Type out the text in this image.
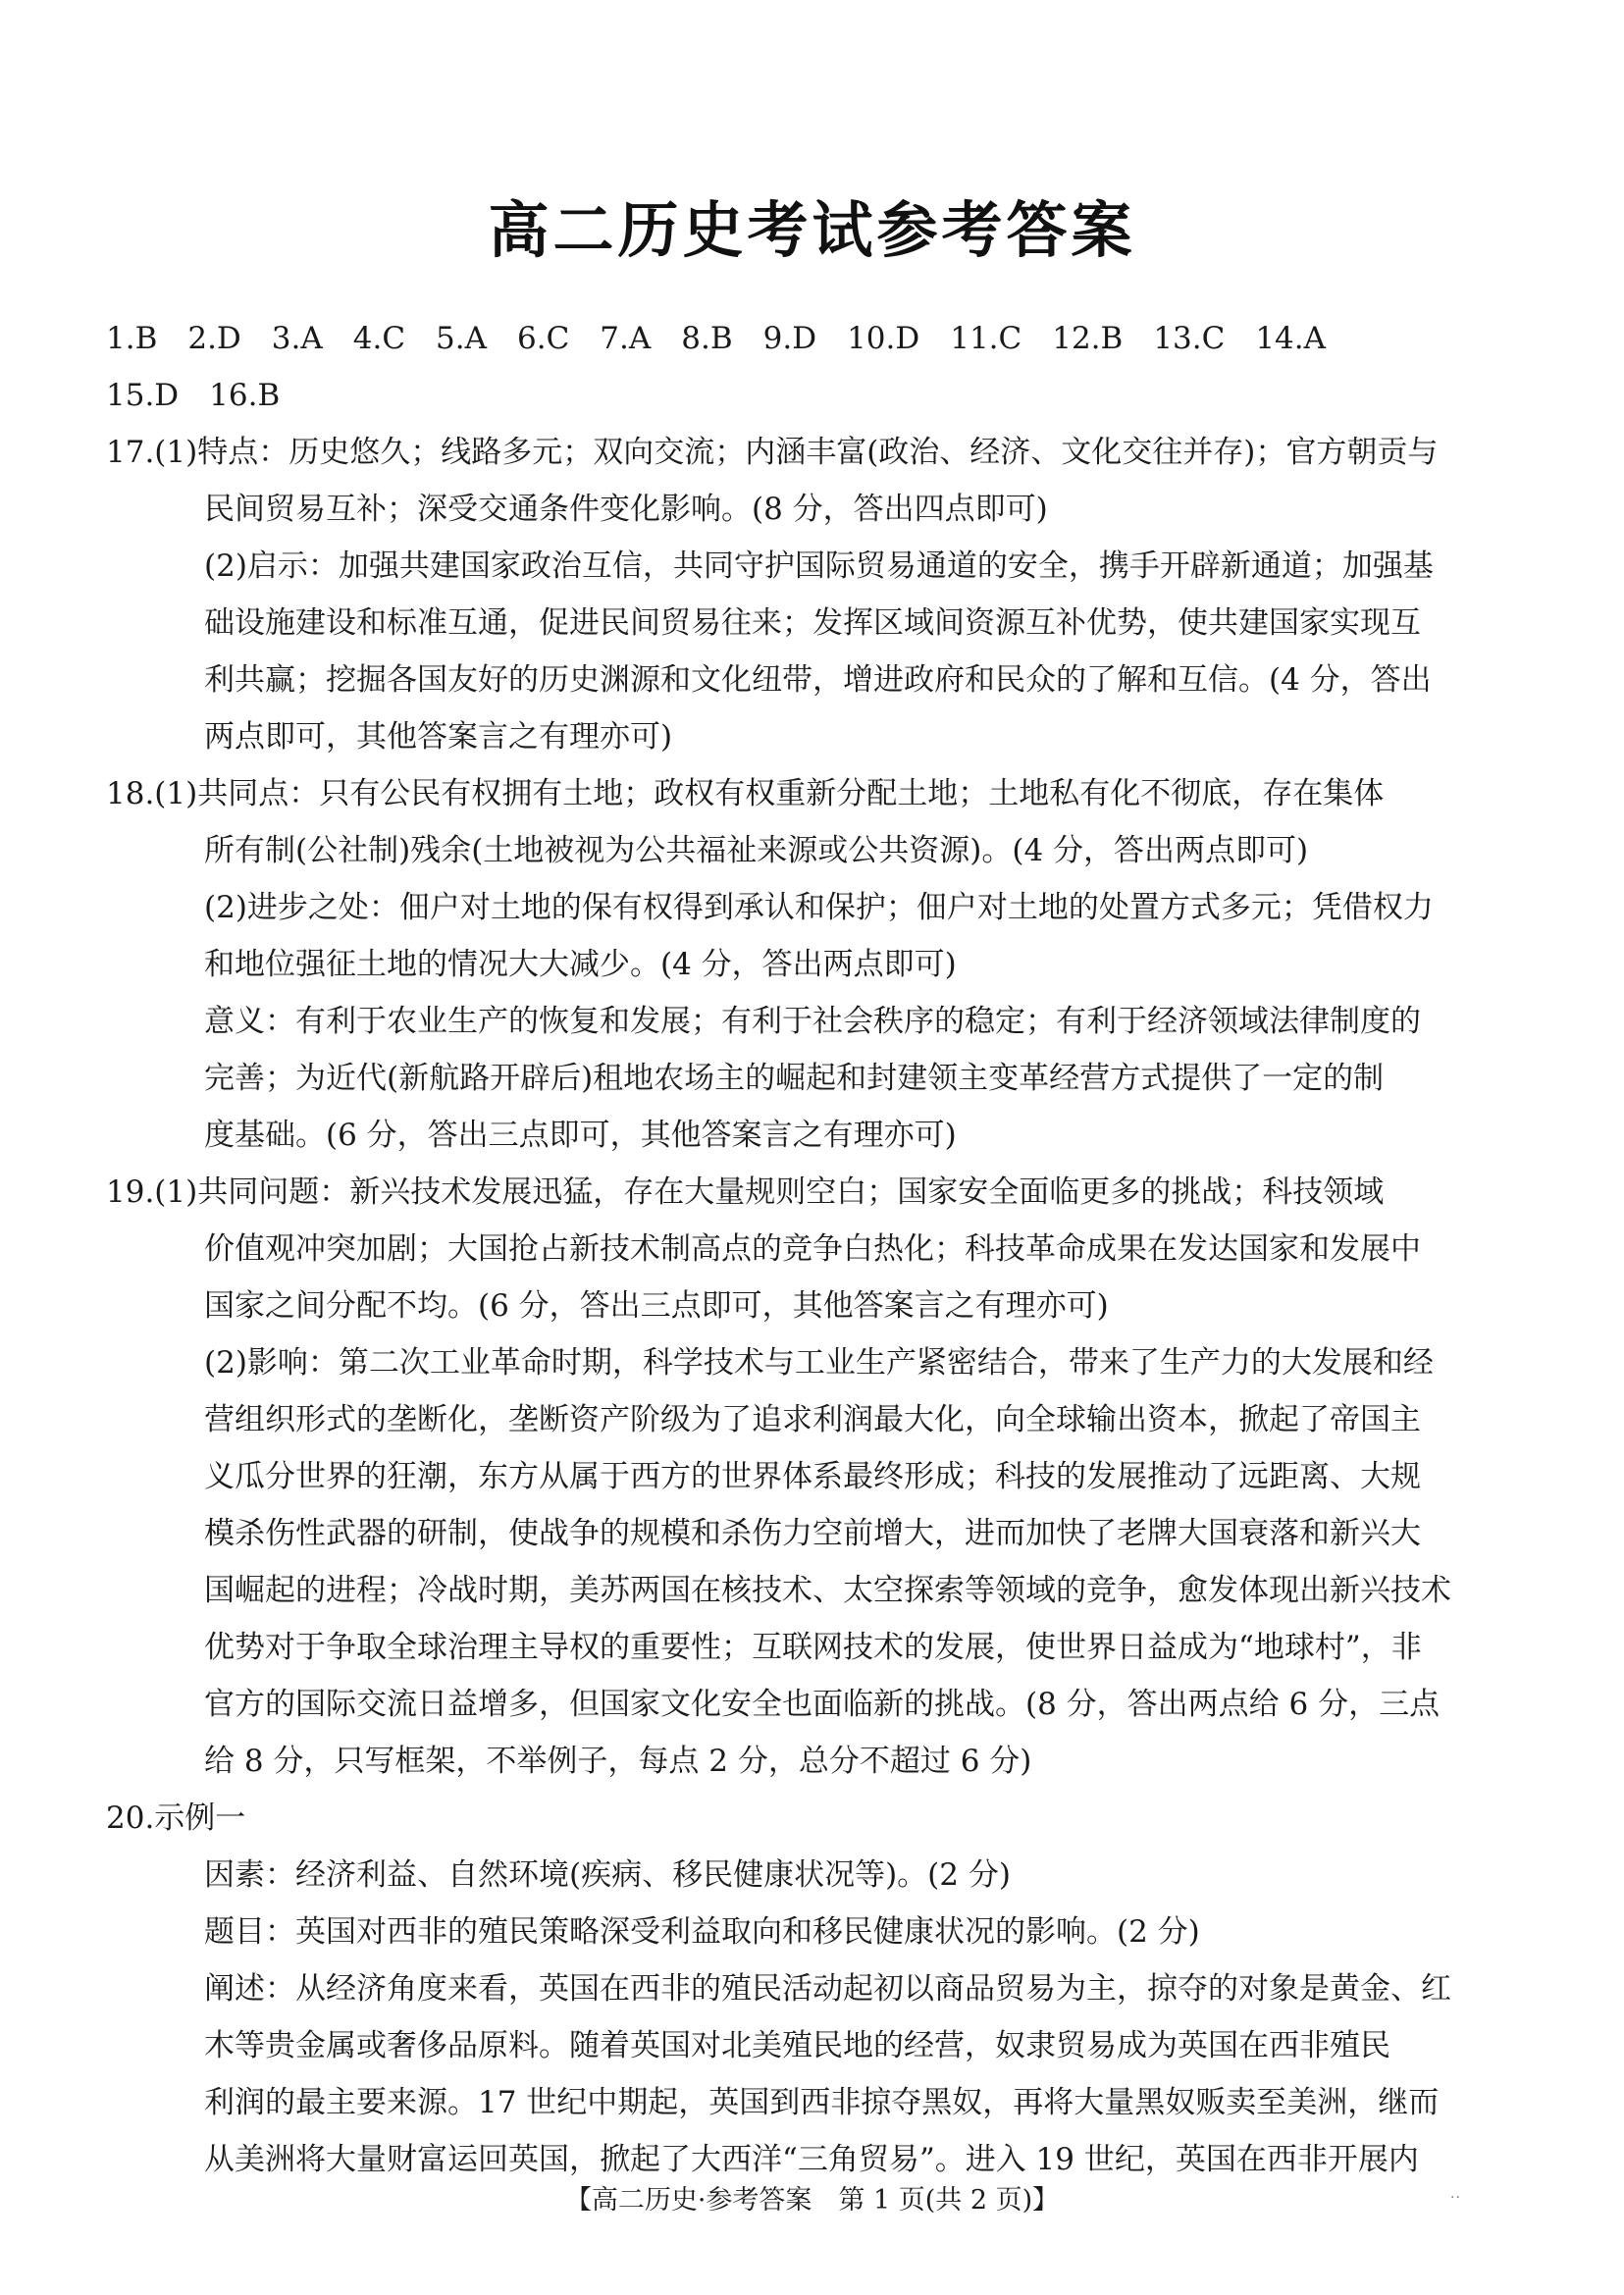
高二历史考试参考答案
1.B　2.D　3.A　4.C　5.A　6.C　7.A　8.B　9.D　10.D　11.C　12.B　13.C　14.A
15.D　16.B
17.(1)特点：历史悠久；线路多元；双向交流；内涵丰富(政治、经济、文化交往并存)；官方朝贡与
民间贸易互补；深受交通条件变化影响。(8 分，答出四点即可)
(2)启示：加强共建国家政治互信，共同守护国际贸易通道的安全，携手开辟新通道；加强基
础设施建设和标准互通，促进民间贸易往来；发挥区域间资源互补优势，使共建国家实现互
利共赢；挖掘各国友好的历史渊源和文化纽带，增进政府和民众的了解和互信。(4 分，答出
两点即可，其他答案言之有理亦可)
18.(1)共同点：只有公民有权拥有土地；政权有权重新分配土地；土地私有化不彻底，存在集体
所有制(公社制)残余(土地被视为公共福祉来源或公共资源)。(4 分，答出两点即可)
(2)进步之处：佃户对土地的保有权得到承认和保护；佃户对土地的处置方式多元；凭借权力
和地位强征土地的情况大大减少。(4 分，答出两点即可)
意义：有利于农业生产的恢复和发展；有利于社会秩序的稳定；有利于经济领域法律制度的
完善；为近代(新航路开辟后)租地农场主的崛起和封建领主变革经营方式提供了一定的制
度基础。(6 分，答出三点即可，其他答案言之有理亦可)
19.(1)共同问题：新兴技术发展迅猛，存在大量规则空白；国家安全面临更多的挑战；科技领域
价值观冲突加剧；大国抢占新技术制高点的竞争白热化；科技革命成果在发达国家和发展中
国家之间分配不均。(6 分，答出三点即可，其他答案言之有理亦可)
(2)影响：第二次工业革命时期，科学技术与工业生产紧密结合，带来了生产力的大发展和经
营组织形式的垄断化，垄断资产阶级为了追求利润最大化，向全球输出资本，掀起了帝国主
义瓜分世界的狂潮，东方从属于西方的世界体系最终形成；科技的发展推动了远距离、大规
模杀伤性武器的研制，使战争的规模和杀伤力空前增大，进而加快了老牌大国衰落和新兴大
国崛起的进程；冷战时期，美苏两国在核技术、太空探索等领域的竞争，愈发体现出新兴技术
优势对于争取全球治理主导权的重要性；互联网技术的发展，使世界日益成为“地球村”，非
官方的国际交流日益增多，但国家文化安全也面临新的挑战。(8 分，答出两点给 6 分，三点
给 8 分，只写框架，不举例子，每点 2 分，总分不超过 6 分)
20.示例一
因素：经济利益、自然环境(疾病、移民健康状况等)。(2 分)
题目：英国对西非的殖民策略深受利益取向和移民健康状况的影响。(2 分)
阐述：从经济角度来看，英国在西非的殖民活动起初以商品贸易为主，掠夺的对象是黄金、红
木等贵金属或奢侈品原料。随着英国对北美殖民地的经营，奴隶贸易成为英国在西非殖民
利润的最主要来源。17 世纪中期起，英国到西非掠夺黑奴，再将大量黑奴贩卖至美洲，继而
从美洲将大量财富运回英国，掀起了大西洋“三角贸易”。进入 19 世纪，英国在西非开展内
【高二历史·参考答案　第 1 页(共 2 页)】	··
